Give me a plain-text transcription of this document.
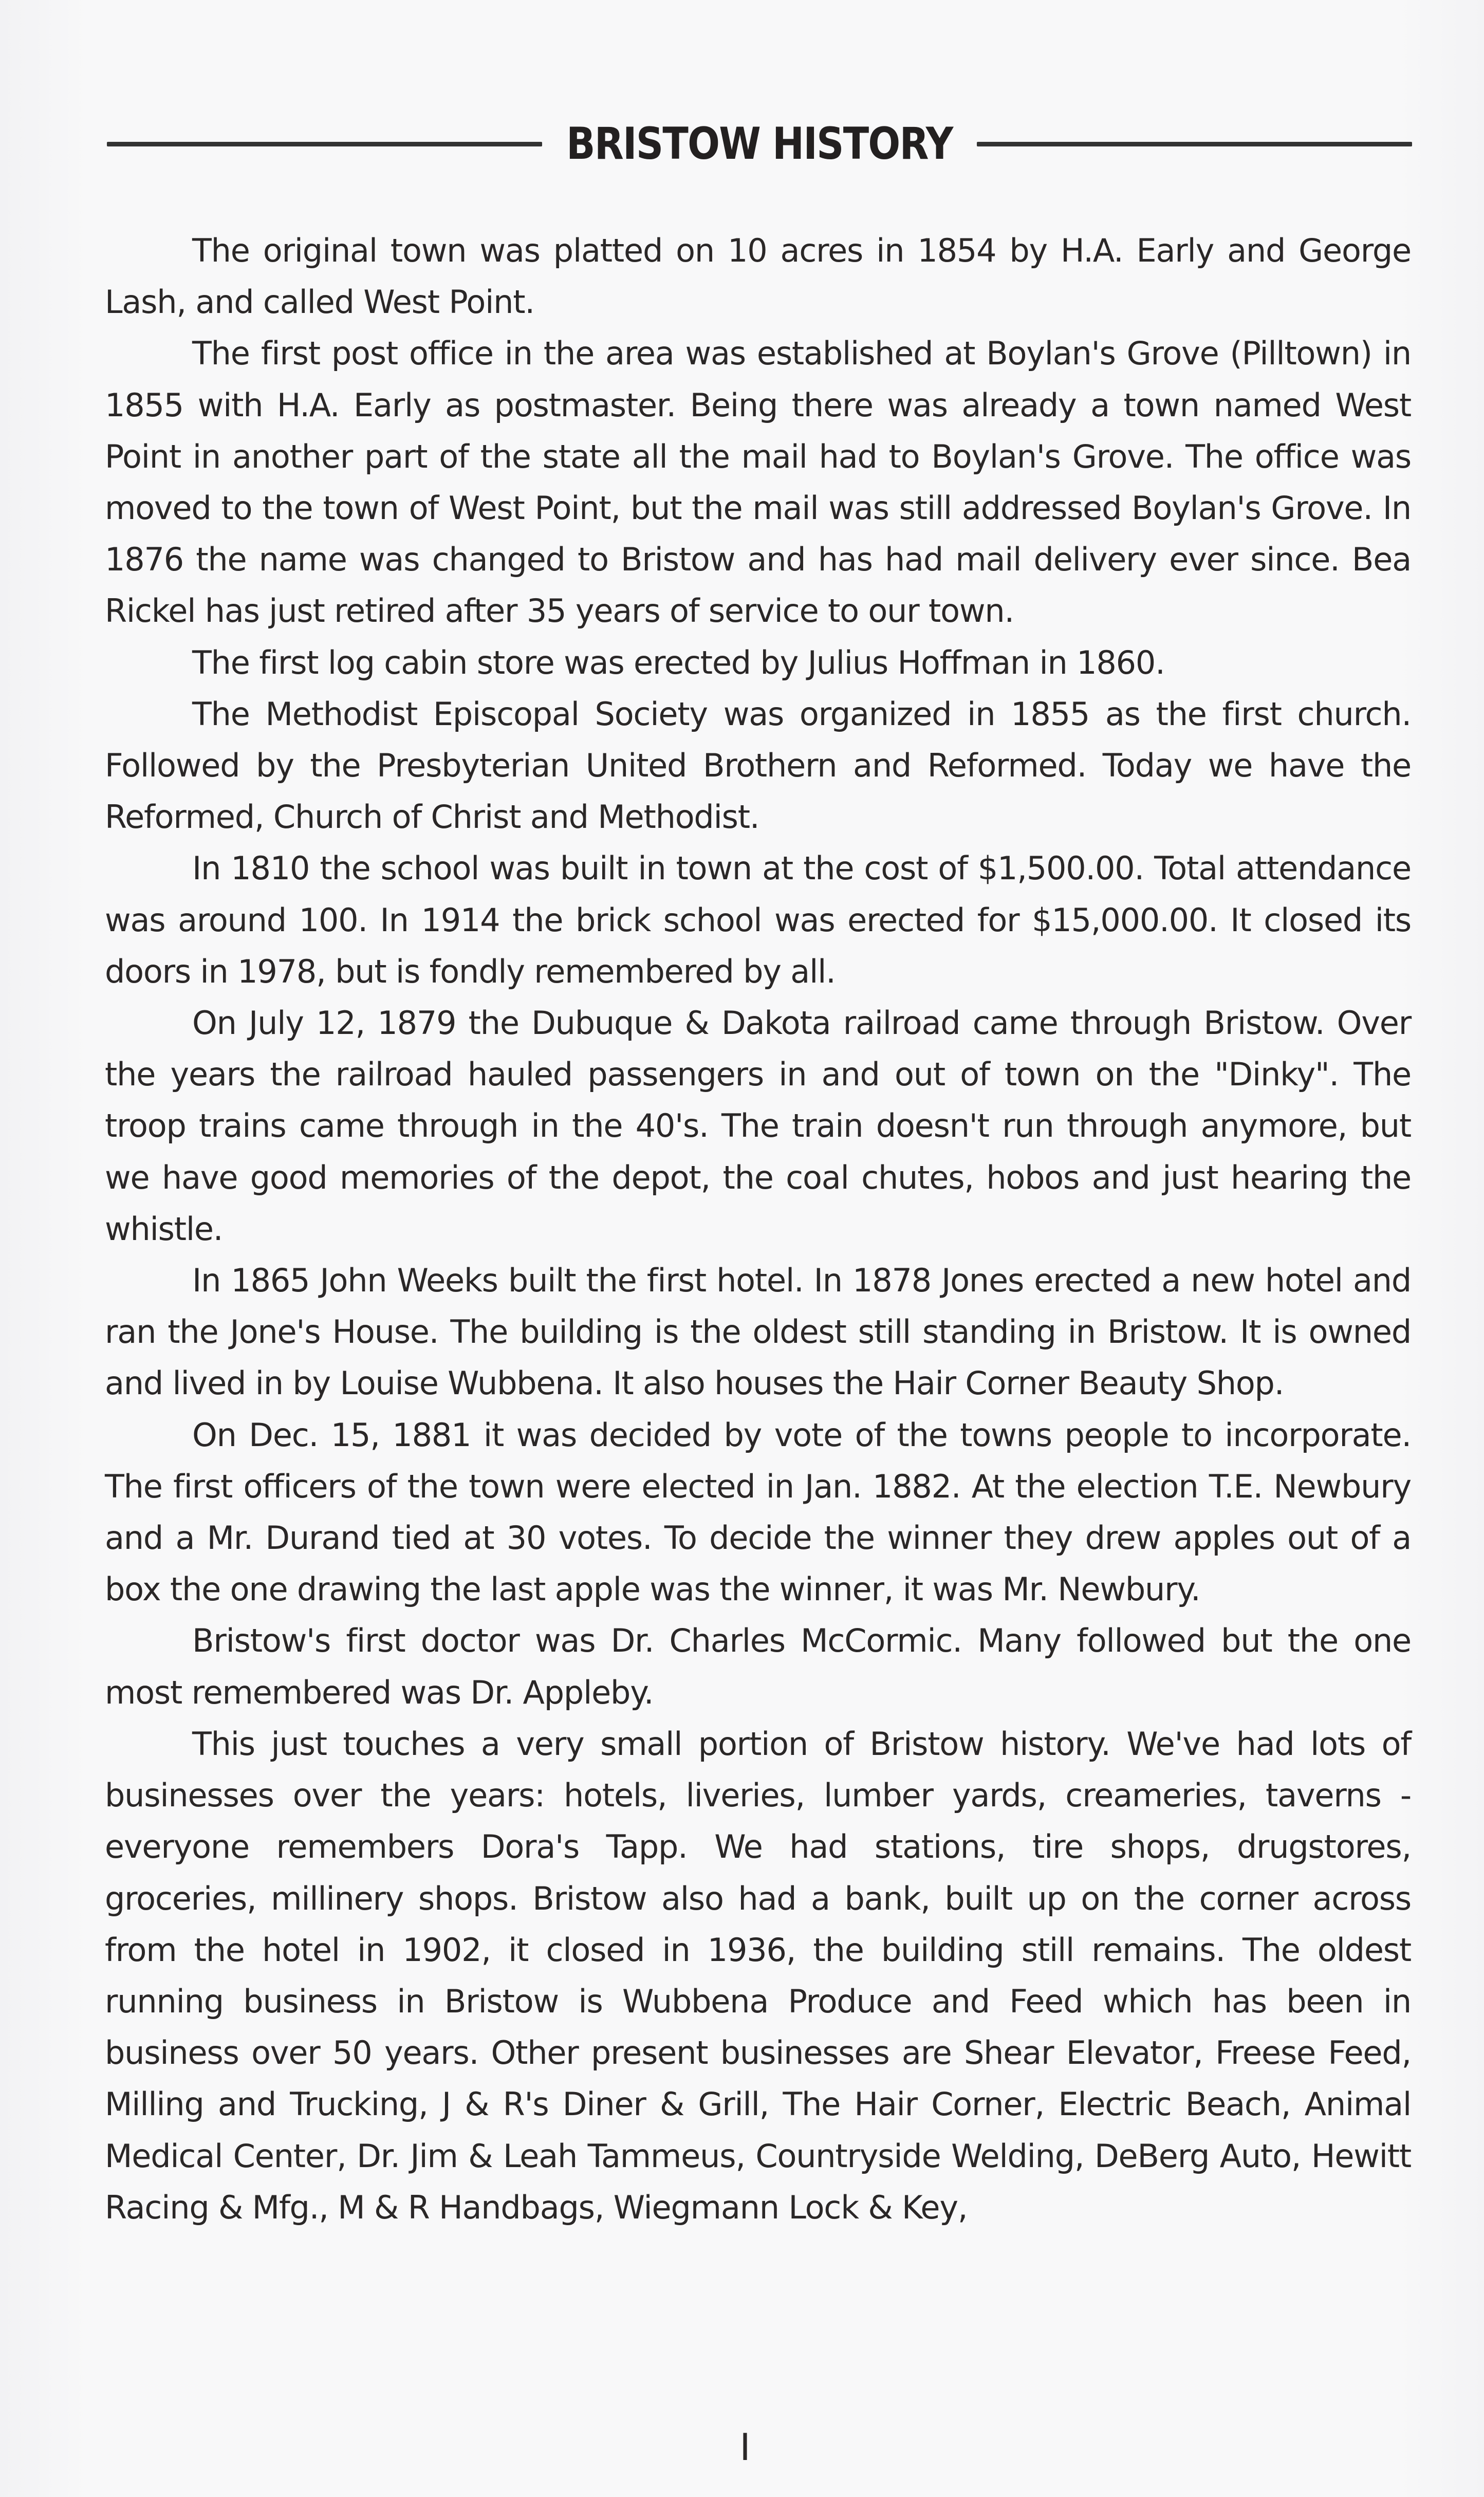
BRISTOW HISTORY

The original town was platted on 10 acres in 1854 by H.A. Early and George Lash, and called West Point.

The first post office in the area was established at Boylan's Grove (Pilltown) in 1855 with H.A. Early as postmaster. Being there was already a town named West Point in another part of the state all the mail had to Boylan's Grove. The office was moved to the town of West Point, but the mail was still addressed Boylan's Grove. In 1876 the name was changed to Bristow and has had mail delivery ever since. Bea Rickel has just retired after 35 years of service to our town.

The first log cabin store was erected by Julius Hoffman in 1860.

The Methodist Episcopal Society was organized in 1855 as the first church. Followed by the Presbyterian United Brothern and Reformed. Today we have the Reformed, Church of Christ and Methodist.

In 1810 the school was built in town at the cost of $1,500.00. Total attendance was around 100. In 1914 the brick school was erected for $15,000.00. It closed its doors in 1978, but is fondly remembered by all.

On July 12, 1879 the Dubuque & Dakota railroad came through Bristow. Over the years the railroad hauled passengers in and out of town on the "Dinky". The troop trains came through in the 40's. The train doesn't run through anymore, but we have good memories of the depot, the coal chutes, hobos and just hearing the whistle.

In 1865 John Weeks built the first hotel. In 1878 Jones erected a new hotel and ran the Jone's House. The building is the oldest still standing in Bristow. It is owned and lived in by Louise Wubbena. It also houses the Hair Corner Beauty Shop.

On Dec. 15, 1881 it was decided by vote of the towns people to incorporate. The first officers of the town were elected in Jan. 1882. At the election T.E. Newbury and a Mr. Durand tied at 30 votes. To decide the winner they drew apples out of a box the one drawing the last apple was the winner, it was Mr. Newbury.

Bristow's first doctor was Dr. Charles McCormic. Many followed but the one most remembered was Dr. Appleby.

This just touches a very small portion of Bristow history. We've had lots of businesses over the years: hotels, liveries, lumber yards, creameries, taverns - everyone remembers Dora's Tapp. We had stations, tire shops, drugstores, groceries, millinery shops. Bristow also had a bank, built up on the corner across from the hotel in 1902, it closed in 1936, the building still remains. The oldest running business in Bristow is Wubbena Produce and Feed which has been in business over 50 years. Other present businesses are Shear Elevator, Freese Feed, Milling and Trucking, J & R's Diner & Grill, The Hair Corner, Electric Beach, Animal Medical Center, Dr. Jim & Leah Tammeus, Countryside Welding, DeBerg Auto, Hewitt Racing & Mfg., M & R Handbags, Wiegmann Lock & Key,

I
